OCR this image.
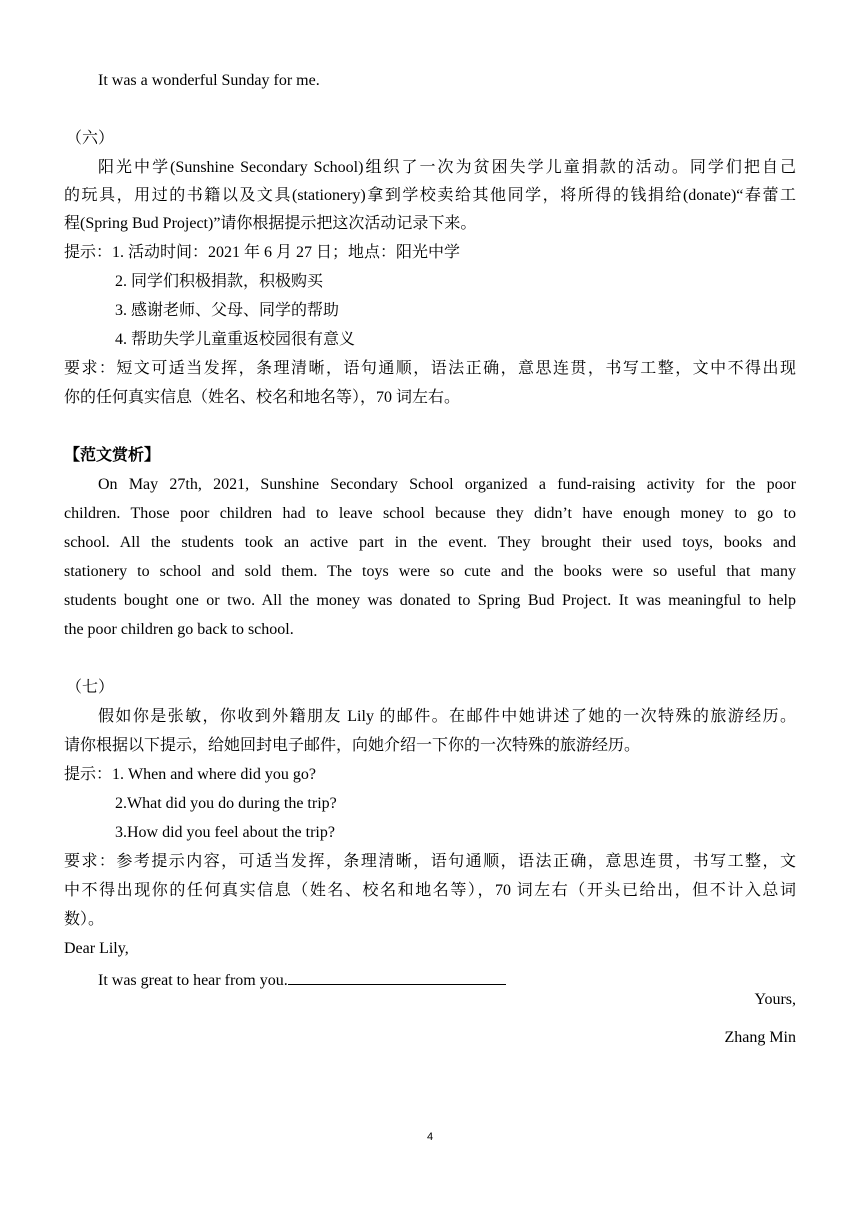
It was a wonderful Sunday for me.
（六）
阳光中学(Sunshine Secondary School)组织了一次为贫困失学儿童捐款的活动。同学们把自己
的玩具，用过的书籍以及文具(stationery)拿到学校卖给其他同学，将所得的钱捐给(donate)“春蕾工
程(Spring Bud Project)”请你根据提示把这次活动记录下来。
提示：1. 活动时间：2021 年 6 月 27 日；地点：阳光中学
2. 同学们积极捐款，积极购买
3. 感谢老师、父母、同学的帮助
4. 帮助失学儿童重返校园很有意义
要求：短文可适当发挥，条理清晰，语句通顺，语法正确，意思连贯，书写工整，文中不得出现
你的任何真实信息（姓名、校名和地名等），70 词左右。
【范文赏析】
On May 27th, 2021, Sunshine Secondary School organized a fund-raising activity for the poor
children. Those poor children had to leave school because they didn’t have enough money to go to
school. All the students took an active part in the event. They brought their used toys, books and
stationery to school and sold them. The toys were so cute and the books were so useful that many
students bought one or two. All the money was donated to Spring Bud Project. It was meaningful to help
the poor children go back to school.
（七）
假如你是张敏，你收到外籍朋友 Lily 的邮件。在邮件中她讲述了她的一次特殊的旅游经历。
请你根据以下提示，给她回封电子邮件，向她介绍一下你的一次特殊的旅游经历。
提示：1. When and where did you go?
2.What did you do during the trip?
3.How did you feel about the trip?
要求：参考提示内容，可适当发挥，条理清晰，语句通顺，语法正确，意思连贯，书写工整，文
中不得出现你的任何真实信息（姓名、校名和地名等），70 词左右（开头已给出，但不计入总词
数）。
Dear Lily,
It was great to hear from you.
Yours,
Zhang Min
4
